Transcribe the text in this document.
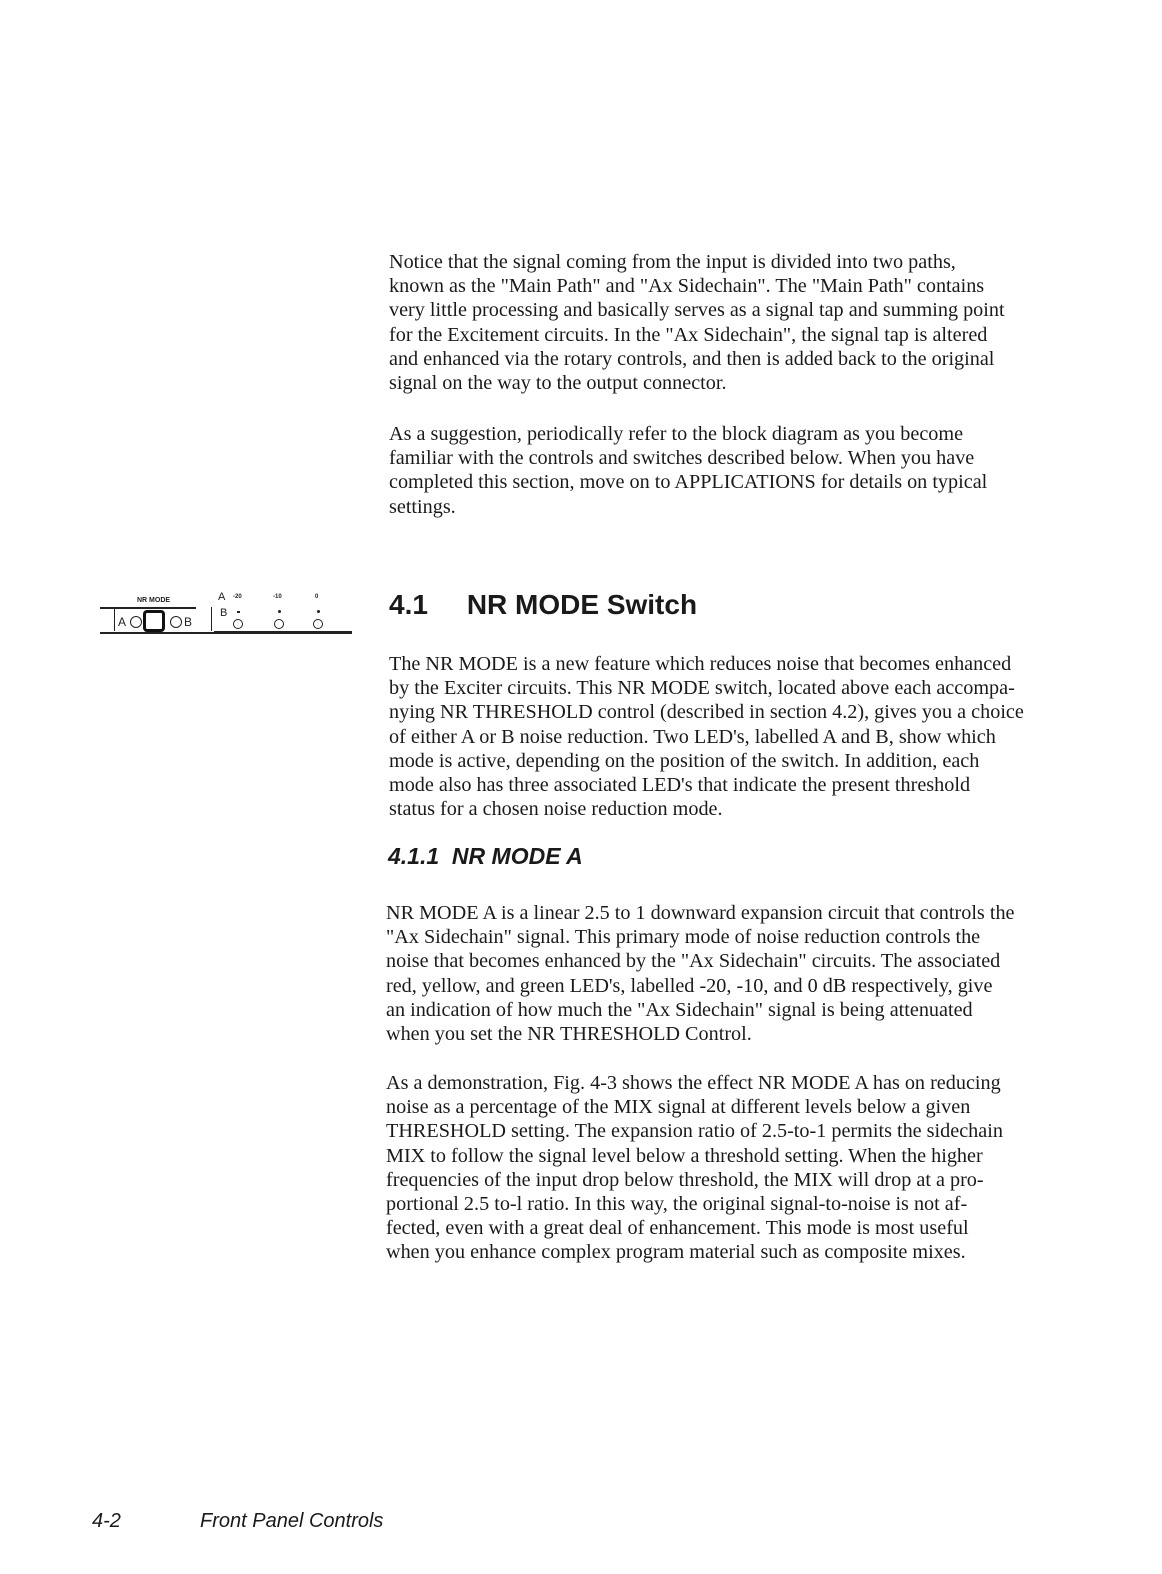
NR MODE	A -20	-10	0
A	B
B

Notice that the signal coming from the input is divided into two paths,
known as the "Main Path" and "Ax Sidechain". The "Main Path" contains
very little processing and basically serves as a signal tap and summing point
for the Excitement circuits. In the "Ax Sidechain", the signal tap is altered
and enhanced via the rotary controls, and then is added back to the original
signal on the way to the output connector.

As a suggestion, periodically refer to the block diagram as you become
familiar with the controls and switches described below. When you have
completed this section, move on to APPLICATIONS for details on typical
settings.

4.1     NR MODE Switch

The NR MODE is a new feature which reduces noise that becomes enhanced
by the Exciter circuits. This NR MODE switch, located above each accompa-
nying NR THRESHOLD control (described in section 4.2), gives you a choice
of either A or B noise reduction. Two LED's, labelled A and B, show which
mode is active, depending on the position of the switch. In addition, each
mode also has three associated LED's that indicate the present threshold
status for a chosen noise reduction mode.

4.1.1  NR MODE A

NR MODE A is a linear 2.5 to 1 downward expansion circuit that controls the
"Ax Sidechain" signal. This primary mode of noise reduction controls the
noise that becomes enhanced by the "Ax Sidechain" circuits. The associated
red, yellow, and green LED's, labelled -20, -10, and 0 dB respectively, give
an indication of how much the "Ax Sidechain" signal is being attenuated
when you set the NR THRESHOLD Control.

As a demonstration, Fig. 4-3 shows the effect NR MODE A has on reducing
noise as a percentage of the MIX signal at different levels below a given
THRESHOLD setting. The expansion ratio of 2.5-to-1 permits the sidechain
MIX to follow the signal level below a threshold setting. When the higher
frequencies of the input drop below threshold, the MIX will drop at a pro-
portional 2.5 to-l ratio. In this way, the original signal-to-noise is not af-
fected, even with a great deal of enhancement. This mode is most useful
when you enhance complex program material such as composite mixes.

4-2	Front Panel Controls
